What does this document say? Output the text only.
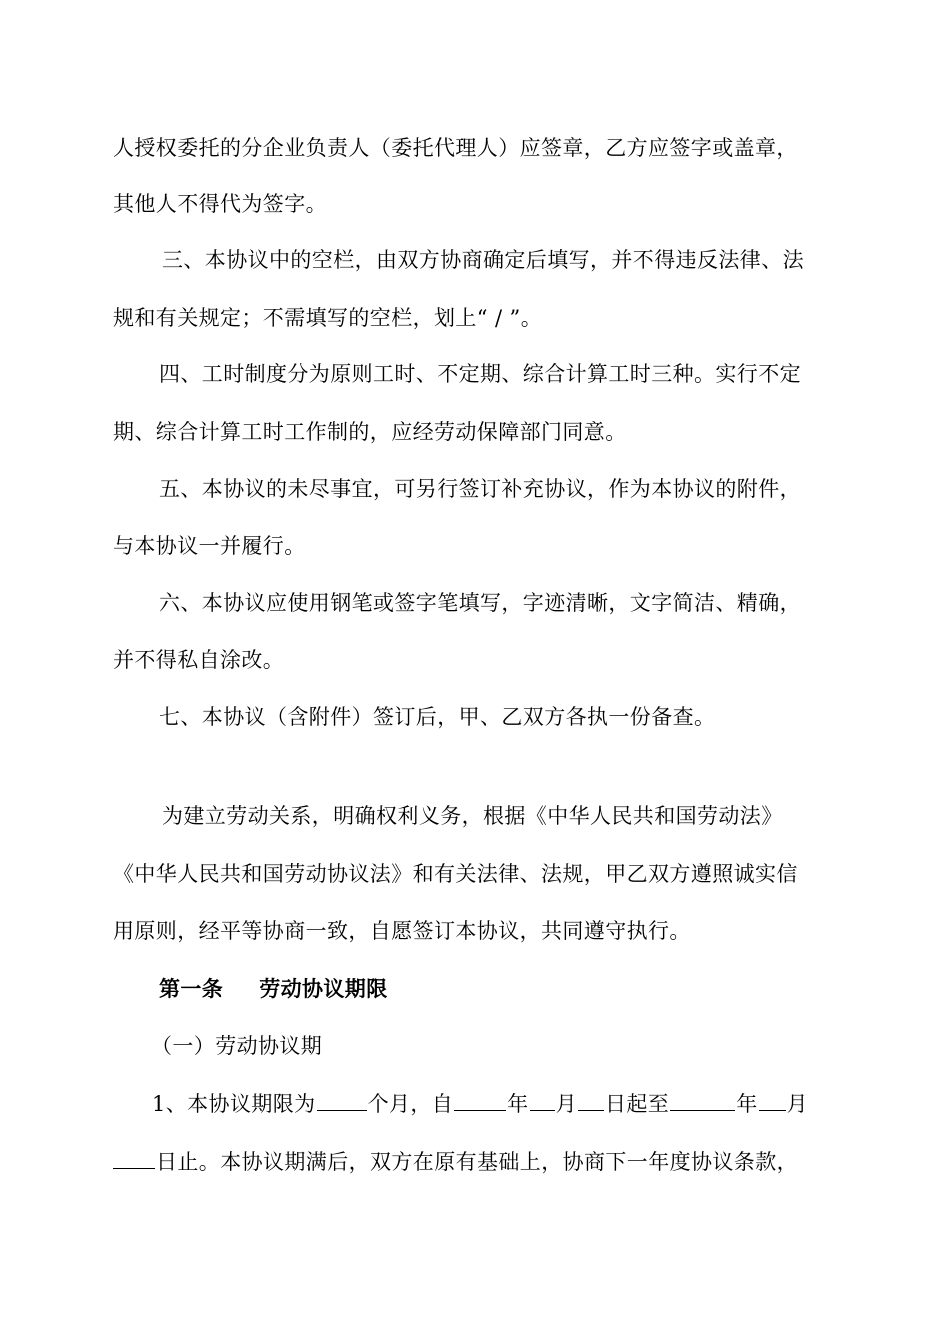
人授权委托的分企业负责人（委托代理人）应签章，乙方应签字或盖章，
其他人不得代为签字。
三、本协议中的空栏，由双方协商确定后填写，并不得违反法律、法
规和有关规定；不需填写的空栏，划上“ / ”。
四、工时制度分为原则工时、不定期、综合计算工时三种。实行不定
期、综合计算工时工作制的，应经劳动保障部门同意。
五、本协议的未尽事宜，可另行签订补充协议，作为本协议的附件，
与本协议一并履行。
六、本协议应使用钢笔或签字笔填写，字迹清晰，文字简洁、精确，
并不得私自涂改。
七、本协议（含附件）签订后，甲、乙双方各执一份备查。
为建立劳动关系，明确权利义务，根据《中华人民共和国劳动法》
《中华人民共和国劳动协议法》和有关法律、法规，甲乙双方遵照诚实信
用原则，经平等协商一致，自愿签订本协议，共同遵守执行。
第一条 劳动协议期限
（一）劳动协议期
1、本协议期限为 个月，自	年 月 日起至	年 月
日止。本协议期满后，双方在原有基础上，协商下一年度协议条款，
